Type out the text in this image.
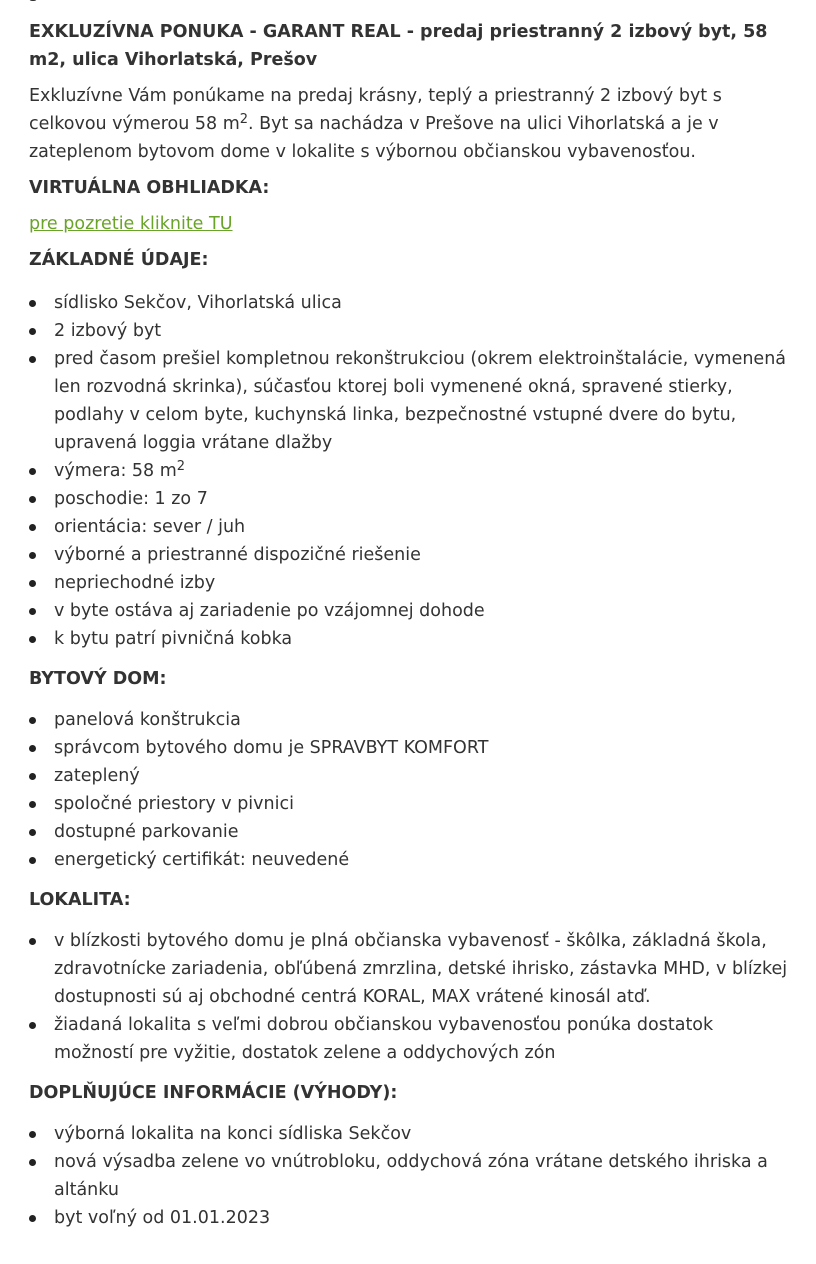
EXKLUZÍVNA PONUKA - GARANT REAL - predaj priestranný 2 izbový byt, 58 m2, ulica Vihorlatská, Prešov

Exkluzívne Vám ponúkame na predaj krásny, teplý a priestranný 2 izbový byt s celkovou výmerou 58 $m^2$. Byt sa nachádza v Prešove na ulici Vihorlatská a je v zateplenom bytovom dome v lokalite s výbornou občianskou vybavenosťou.

VIRTUÁLNA OBHLIADKA:
pre pozretie kliknite TU
ZÁKLADNÉ ÚDAJE:
sídlisko Sekčov, Vihorlatská ulica
2 izbový byt
pred časom prešiel kompletnou rekonštrukciou (okrem elektroinštalácie, vymenená len rozvodná skrinka), súčasťou ktorej boli vymenené okná, spravené stierky, podlahy v celom byte, kuchynská linka, bezpečnostné vstupné dvere do bytu, upravená loggia vrátane dlažby
výmera: 58 $m^2$
poschodie: 1 zo 7
orientácia: sever / juh
výborné a priestranné dispozičné riešenie
nepriechodné izby
v byte ostáva aj zariadenie po vzájomnej dohode
k bytu patrí pivničná kobka
BYTOVÝ DOM:
panelová konštrukcia
správcom bytového domu je SPRAVBYT KOMFORT
zateplený
spoločné priestory v pivnici
dostupné parkovanie
energetický certifikát: neuvedené
LOKALITA:
v blízkosti bytového domu je plná občianska vybavenosť - škôlka, základná škola, zdravotnícke zariadenia, obľúbená zmrzlina, detské ihrisko, zástavka MHD, v blízkej dostupnosti sú aj obchodné centrá KORAL, MAX vrátené kinosál atď.
žiadaná lokalita s veľmi dobrou občianskou vybavenosťou ponúka dostatok možností pre vyžitie, dostatok zelene a oddychových zón
DOPLŇUJÚCE INFORMÁCIE (VÝHODY):
výborná lokalita na konci sídliska Sekčov
nová výsadba zelene vo vnútrobloku, oddychová zóna vrátane detského ihriska a altánku
byt voľný od 01.01.2023
